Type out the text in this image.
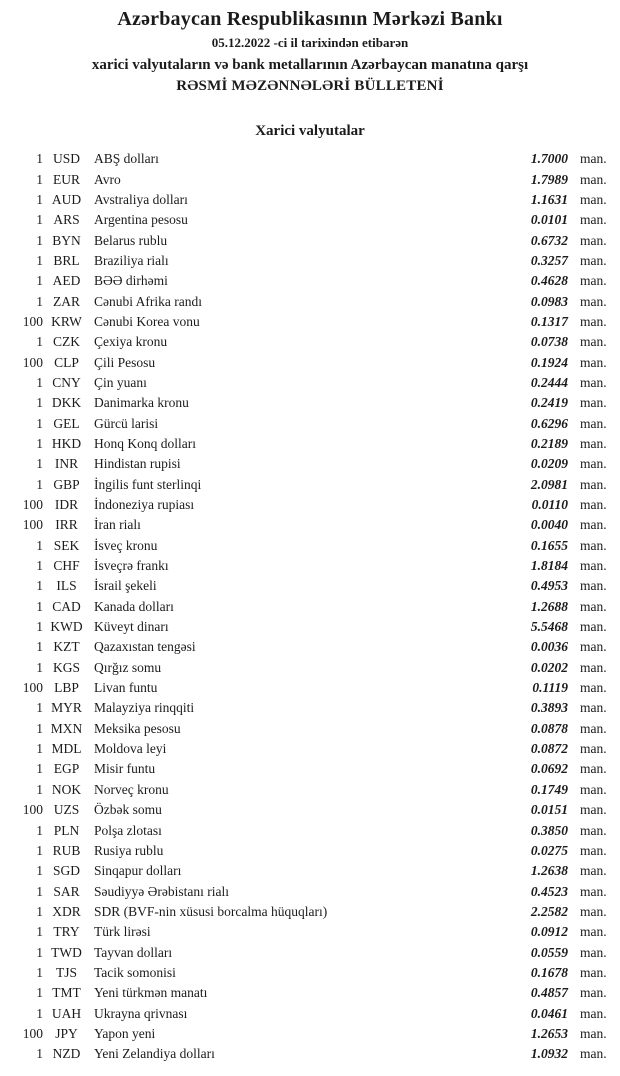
Azərbaycan Respublikasının Mərkəzi Bankı
05.12.2022 -ci il tarixindən etibarən
xarici valyutaların və bank metallarının Azərbaycan manatına qarşı
RƏSMİ MƏZƏNNƏLƏRİ BÜLLETENİ
Xarici valyutalar
1 USD	ABŞ dolları	1.7000 man.
1 EUR	Avro	1.7989 man.
1 AUD Avstraliya dolları	1.1631 man.
1 ARS	Argentina pesosu	0.0101 man.
1 BYN Belarus rublu	0.6732 man.
1 BRL	Braziliya rialı	0.3257 man.
1 AED	BƏƏ dirhəmi	0.4628 man.
1 ZAR	Cənubi Afrika randı	0.0983 man.
100 KRW Cənubi Korea vonu	0.1317 man.
1 CZK	Çexiya kronu	0.0738 man.
100 CLP	Çili Pesosu	0.1924 man.
1 CNY Çin yuanı	0.2444 man.
1 DKK Danimarka kronu	0.2419 man.
1 GEL	Gürcü larisi	0.6296 man.
1 HKD Honq Konq dolları	0.2189 man.
1 INR	Hindistan rupisi	0.0209 man.
1 GBP	İngilis funt sterlinqi	2.0981 man.
100 IDR	İndoneziya rupiası	0.0110 man.
100 IRR	İran rialı	0.0040 man.
1 SEK	İsveç kronu	0.1655 man.
1 CHF	İsveçrə frankı	1.8184 man.
1 ILS	İsrail şekeli	0.4953 man.
1 CAD Kanada dolları	1.2688 man.
1 KWD Küveyt dinarı	5.5468 man.
1 KZT	Qazaxıstan tengəsi	0.0036 man.
1 KGS	Qırğız somu	0.0202 man.
100 LBP	Livan funtu	0.1119 man.
1 MYR Malayziya rinqqiti	0.3893 man.
1 MXN Meksika pesosu	0.0878 man.
1 MDL Moldova leyi	0.0872 man.
1 EGP	Misir funtu	0.0692 man.
1 NOK Norveç kronu	0.1749 man.
100 UZS	Özbək somu	0.0151 man.
1 PLN	Polşa zlotası	0.3850 man.
1 RUB	Rusiya rublu	0.0275 man.
1 SGD	Sinqapur dolları	1.2638 man.
1 SAR	Səudiyyə Ərəbistanı rialı	0.4523 man.
1 XDR SDR (BVF-nin xüsusi borcalma hüquqları)	2.2582 man.
1 TRY	Türk lirəsi	0.0912 man.
1 TWD Tayvan dolları	0.0559 man.
1 TJS	Tacik somonisi	0.1678 man.
1 TMT Yeni türkmən manatı	0.4857 man.
1 UAH Ukrayna qrivnası	0.0461 man.
100 JPY	Yapon yeni	1.2653 man.
1 NZD	Yeni Zelandiya dolları	1.0932 man.
